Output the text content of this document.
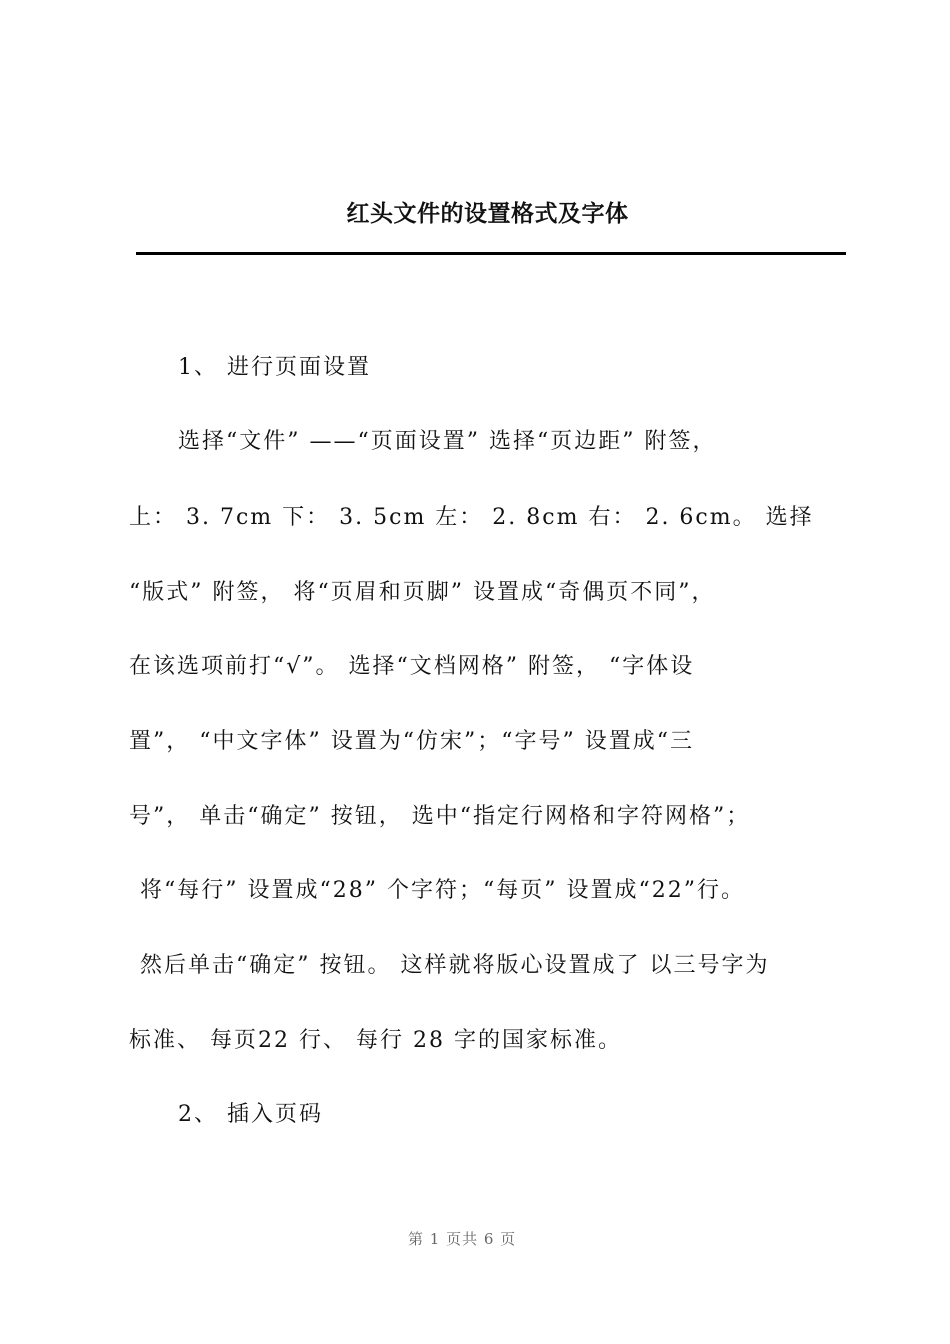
红头文件的设置格式及字体
1、 进行页面设置
选择“文件” ——“页面设置” 选择“页边距” 附签，
上： 3. 7cm 下： 3. 5cm 左： 2. 8cm 右： 2. 6cm。 选择
“版式” 附签， 将“页眉和页脚” 设置成“奇偶页不同”，
在该选项前打“√”。 选择“文档网格” 附签， “字体设
置”， “中文字体” 设置为“仿宋”；“字号” 设置成“三
号”， 单击“确定” 按钮， 选中“指定行网格和字符网格”；
将“每行” 设置成“28” 个字符；“每页” 设置成“22”行。
然后单击“确定” 按钮。 这样就将版心设置成了 以三号字为
标准、 每页22 行、 每行 28 字的国家标准。
2、 插入页码
第 1 页共 6 页
